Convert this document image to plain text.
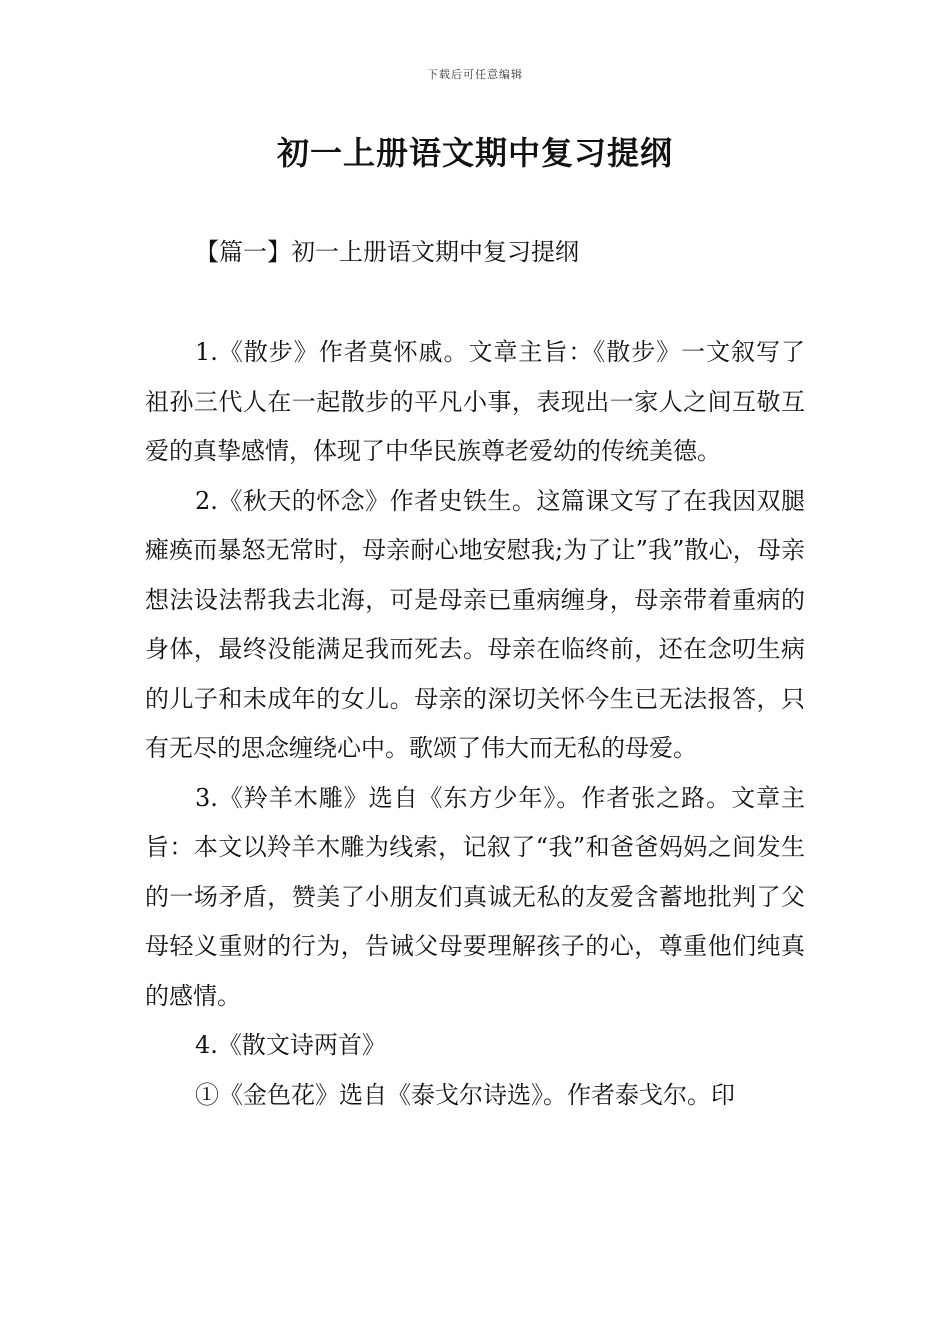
下载后可任意编辑
初一上册语文期中复习提纲
【篇一】初一上册语文期中复习提纲

1.《散步》作者莫怀戚。文章主旨：《散步》一文叙写了祖孙三代人在一起散步的平凡小事，表现出一家人之间互敬互爱的真挚感情，体现了中华民族尊老爱幼的传统美德。

2.《秋天的怀念》作者史铁生。这篇课文写了在我因双腿瘫痪而暴怒无常时，母亲耐心地安慰我;为了让”我”散心，母亲想法设法帮我去北海，可是母亲已重病缠身，母亲带着重病的身体，最终没能满足我而死去。母亲在临终前，还在念叨生病的儿子和未成年的女儿。母亲的深切关怀今生已无法报答，只有无尽的思念缠绕心中。歌颂了伟大而无私的母爱。

3.《羚羊木雕》选自《东方少年》。作者张之路。文章主旨：本文以羚羊木雕为线索，记叙了“我”和爸爸妈妈之间发生的一场矛盾，赞美了小朋友们真诚无私的友爱含蓄地批判了父母轻义重财的行为，告诫父母要理解孩子的心，尊重他们纯真的感情。

4.《散文诗两首》

①《金色花》选自《泰戈尔诗选》。作者泰戈尔。印
